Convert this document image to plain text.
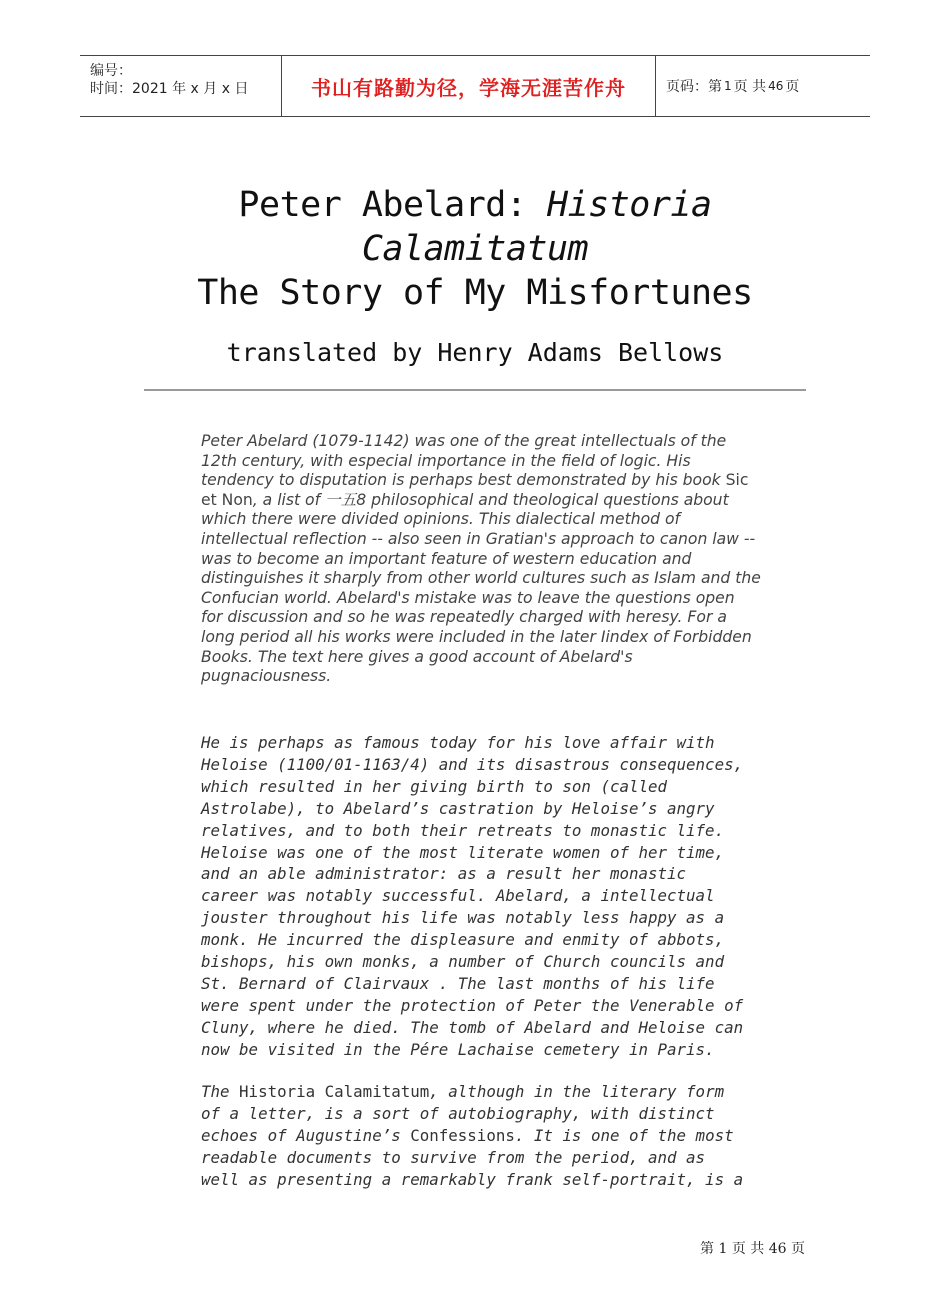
编号：
时间：2021 年 x 月 x 日	书山有路勤为径，学海无涯苦作舟	页码：第 1 页 共 46 页
Peter Abelard: Historia
Calamitatum
The Story of My Misfortunes
translated by Henry Adams Bellows
Peter Abelard (1079-1142) was one of the great intellectuals of the 12th century, with especial importance in the field of logic. His tendency to disputation is perhaps best demonstrated by his book Sic et Non, a list of 一五8 philosophical and theological questions about which there were divided opinions. This dialectical method of intellectual reflection -- also seen in Gratian's approach to canon law -- was to become an important feature of western education and distinguishes it sharply from other world cultures such as Islam and the Confucian world. Abelard's mistake was to leave the questions open for discussion and so he was repeatedly charged with heresy. For a long period all his works were included in the later Iindex of Forbidden Books. The text here gives a good account of Abelard's pugnaciousness.
He is perhaps as famous today for his love affair with
Heloise (1100/01-1163/4) and its disastrous consequences,
which resulted in her giving birth to son (called
Astrolabe), to Abelard’s castration by Heloise’s angry
relatives, and to both their retreats to monastic life.
Heloise was one of the most literate women of her time,
and an able administrator: as a result her monastic
career was notably successful. Abelard, a intellectual
jouster throughout his life was notably less happy as a
monk. He incurred the displeasure and enmity of abbots,
bishops, his own monks, a number of Church councils and
St. Bernard of Clairvaux . The last months of his life
were spent under the protection of Peter the Venerable of
Cluny, where he died. The tomb of Abelard and Heloise can
now be visited in the Pére Lachaise cemetery in Paris.
The Historia Calamitatum, although in the literary form
of a letter, is a sort of autobiography, with distinct
echoes of Augustine’s Confessions. It is one of the most
readable documents to survive from the period, and as
well as presenting a remarkably frank self-portrait, is a
第 1 页 共 46 页
